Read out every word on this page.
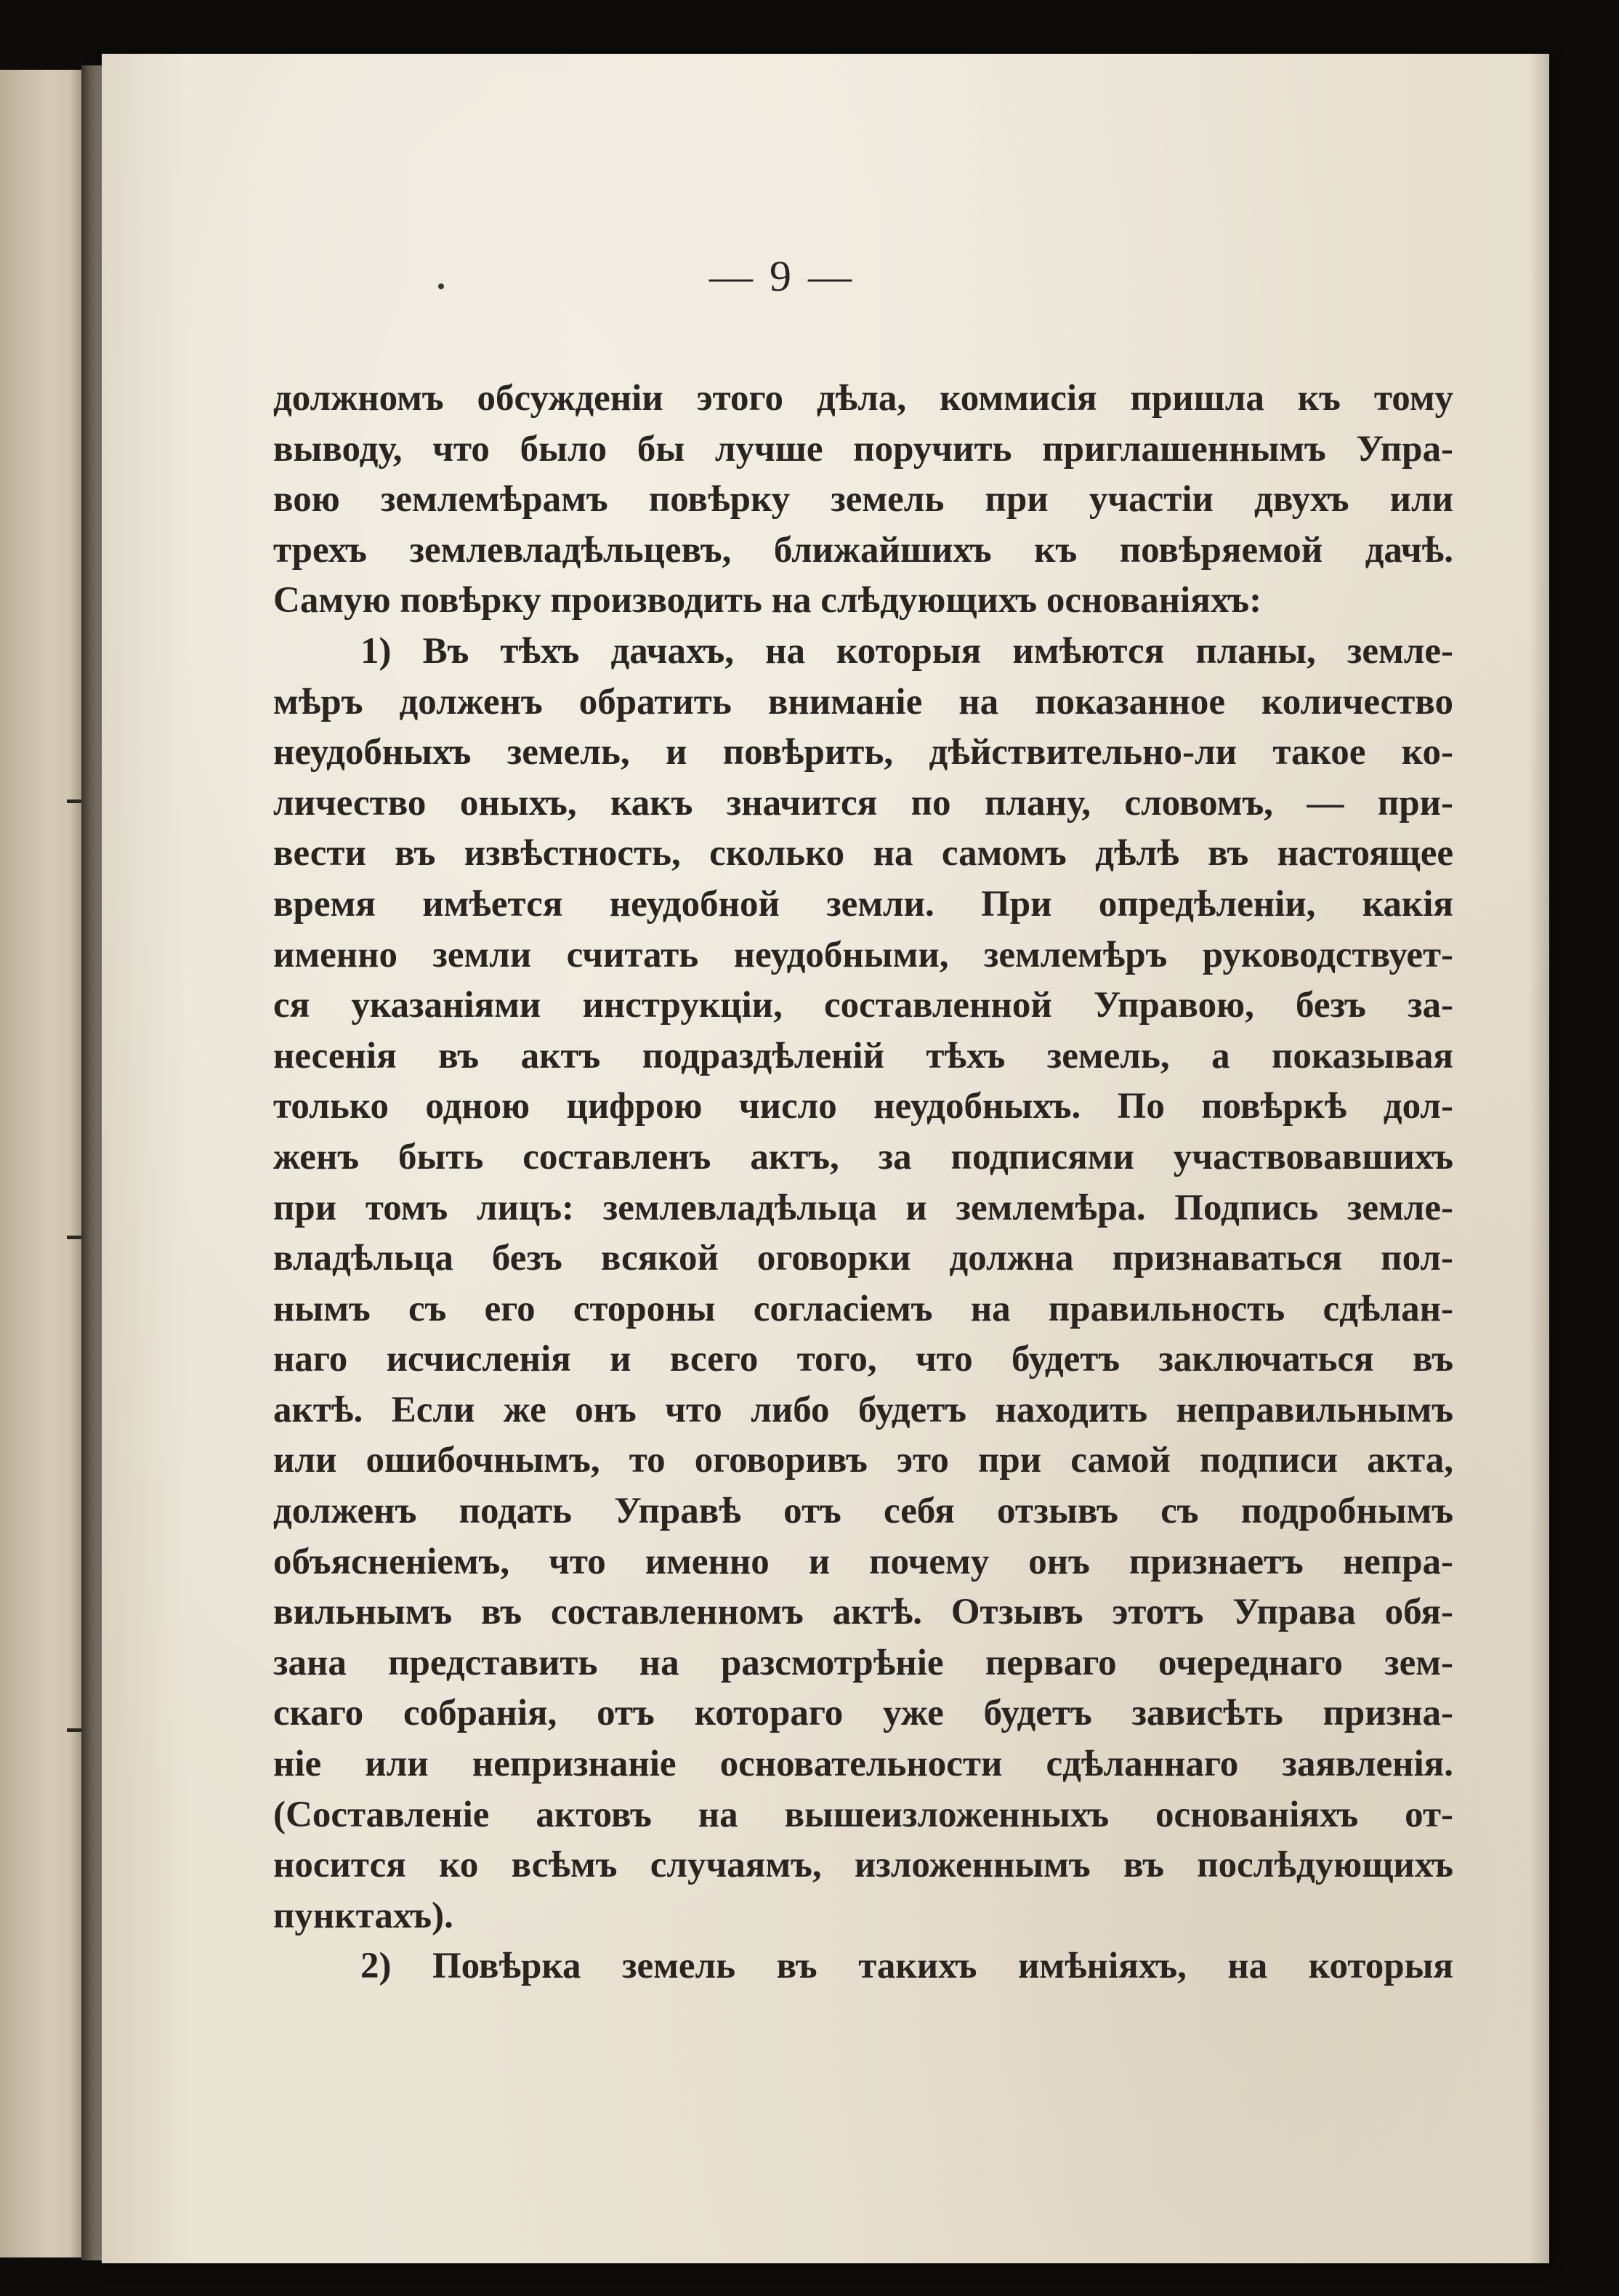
— 9 —
должномъ обсужденіи этого дѣла, коммисія пришла къ тому
выводу, что было бы лучше поручить приглашеннымъ Упра-
вою землемѣрамъ повѣрку земель при участіи двухъ или
трехъ землевладѣльцевъ, ближайшихъ къ повѣряемой дачѣ.
Самую повѣрку производить на слѣдующихъ основаніяхъ:
1) Въ тѣхъ дачахъ, на которыя имѣются планы, земле-
мѣръ долженъ обратить вниманіе на показанное количество
неудобныхъ земель, и повѣрить, дѣйствительно-ли такое ко-
личество оныхъ, какъ значится по плану, словомъ, — при-
вести въ извѣстность, сколько на самомъ дѣлѣ въ настоящее
время имѣется неудобной земли. При опредѣленіи, какія
именно земли считать неудобными, землемѣръ руководствует-
ся указаніями инструкціи, составленной Управою, безъ за-
несенія въ актъ подраздѣленій тѣхъ земель, а показывая
только одною цифрою число неудобныхъ. По повѣркѣ дол-
женъ быть составленъ актъ, за подписями участвовавшихъ
при томъ лицъ: землевладѣльца и землемѣра. Подпись земле-
владѣльца безъ всякой оговорки должна признаваться пол-
нымъ съ его стороны согласіемъ на правильность сдѣлан-
наго исчисленія и всего того, что будетъ заключаться въ
актѣ. Если же онъ что либо будетъ находить неправильнымъ
или ошибочнымъ, то оговоривъ это при самой подписи акта,
долженъ подать Управѣ отъ себя отзывъ съ подробнымъ
объясненіемъ, что именно и почему онъ признаетъ непра-
вильнымъ въ составленномъ актѣ. Отзывъ этотъ Управа обя-
зана представить на разсмотрѣніе перваго очереднаго зем-
скаго собранія, отъ котораго уже будетъ зависѣть призна-
ніе или непризнаніе основательности сдѣланнаго заявленія.
(Составленіе актовъ на вышеизложенныхъ основаніяхъ от-
носится ко всѣмъ случаямъ, изложеннымъ въ послѣдующихъ
пунктахъ).
2) Повѣрка земель въ такихъ имѣніяхъ, на которыя
